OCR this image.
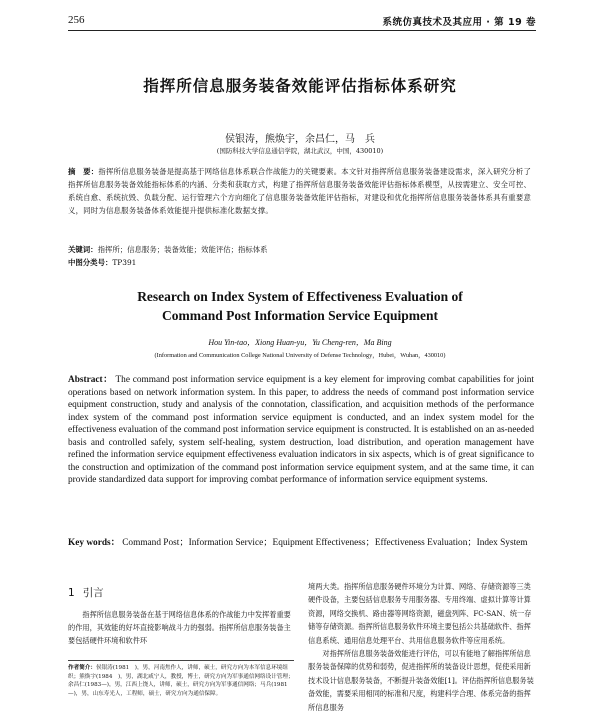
256	系统仿真技术及其应用 · 第 19 卷
指挥所信息服务装备效能评估指标体系研究
侯银涛，熊焕宇，余昌仁，马　兵
(国防科技大学信息通信学院，湖北武汉，中国，430010)
摘　要：指挥所信息服务装备是提高基于网络信息体系联合作战能力的关键要素。本文针对指挥所信息服务装备建设需求，深入研究分析了指挥所信息服务装备效能指标体系的内涵、分类和获取方式，构建了指挥所信息服务装备效能评估指标体系模型，从按需建立、安全可控、系统自愈、系统抗毁、负载分配、运行管理六个方向细化了信息服务装备效能评估指标，对建设和优化指挥所信息服务装备体系具有重要意义，同时为信息服务装备体系效能提升提供标准化数据支撑。
关键词：指挥所；信息服务；装备效能；效能评估；指标体系
中图分类号：TP391
Research on Index System of Effectiveness Evaluation of
Command Post Information Service Equipment
Hou Yin-tao，Xiong Huan-yu，Yu Cheng-ren，Ma Bing
(Information and Communication College National University of Defense Technology，Hubei，Wuhan，430010)
Abstract： The command post information service equipment is a key element for improving combat capabilities for joint operations based on network information system. In this paper, to address the needs of command post information service equipment construction, study and analysis of the connotation, classification, and acquisition methods of the performance index system of the command post information service equipment is conducted, and an index system model for the effectiveness evaluation of the command post information service equipment is constructed. It is established on an as-needed basis and controlled safely, system self-healing, system destruction, load distribution, and operation management have refined the information service equipment effectiveness evaluation indicators in six aspects, which is of great significance to the construction and optimization of the command post information service equipment system, and at the same time, it can provide standardized data support for improving combat performance of information service equipment systems.
Key words： Command Post；Information Service；Equipment Effectiveness；Effectiveness Evaluation；Index System
1 引言

指挥所信息服务装备在基于网络信息体系的作战能力中发挥着重要的作用，其效能的好坏直接影响战斗力的强弱。指挥所信息服务装备主要包括硬件环境和软件环

作者简介：侯银涛(1981　)，男，河南焦作人，讲师，硕士，研究方向为本军信息环境组织；熊焕宇(1984　)，男，湖北咸宁人，教授，博士，研究方向为军事通信网络设计管理；余昌仁(1983—)，男，江西上饶人，讲师，硕士，研究方向为军事通信网络；马兵(1981—)，男，山东寿光人，工程师，硕士，研究方向为通信保障。

境两大类。指挥所信息服务硬件环境分为计算、网络、存储资源等三类硬件设备，主要包括信息服务专用服务器、专用终端、虚拟计算等计算资源，网络交换机、路由器等网络资源，磁盘列阵、FC-SAN、统一存储等存储资源。指挥所信息服务软件环境主要包括公共基础软件、指挥信息系统、通用信息处理平台、共用信息服务软件等应用系统。

对指挥所信息服务装备效能进行评估，可以有能地了解指挥所信息服务装备保障的优势和弱势，促进指挥所的装备设计思想，促使采用新技术设计信息服务装备，不断提升装备效能[1]。评估指挥所信息服务装备效能，需要采用相同的标准和尺度，构建科学合理、体系完备的指挥所信息服务
